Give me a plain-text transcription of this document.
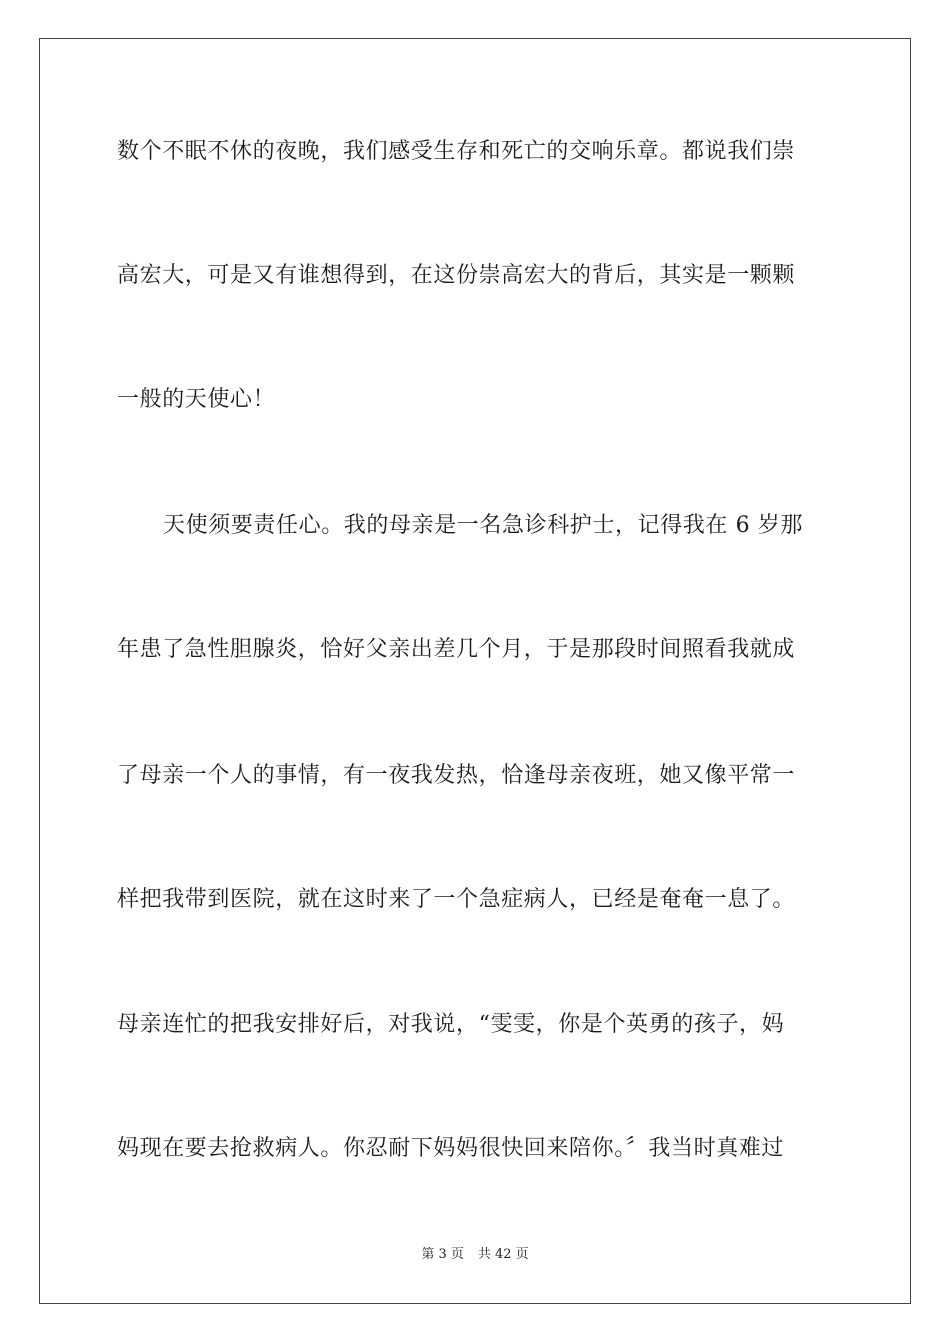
数个不眠不休的夜晚，我们感受生存和死亡的交响乐章。都说我们崇
高宏大，可是又有谁想得到，在这份崇高宏大的背后，其实是一颗颗
一般的天使心！
天使须要责任心。我的母亲是一名急诊科护士，记得我在 6 岁那
年患了急性胆腺炎，恰好父亲出差几个月，于是那段时间照看我就成
了母亲一个人的事情，有一夜我发热，恰逢母亲夜班，她又像平常一
样把我带到医院，就在这时来了一个急症病人，已经是奄奄一息了。
母亲连忙的把我安排好后，对我说，“雯雯，你是个英勇的孩子，妈
妈现在要去抢救病人。你忍耐下妈妈很快回来陪你。〞我当时真难过
第 3 页 共 42 页
